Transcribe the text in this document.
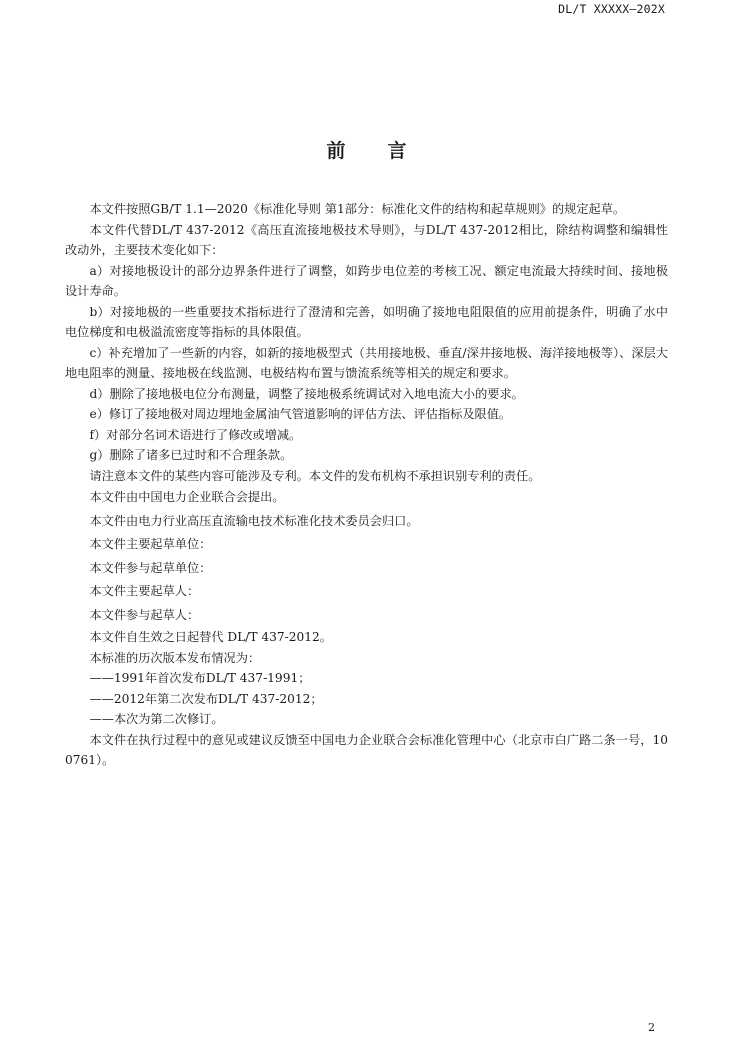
DL/T XXXXX—202X
前 言

本文件按照GB/T 1.1—2020《标准化导则 第1部分：标准化文件的结构和起草规则》的规定起草。

本文件代替DL/T 437-2012《高压直流接地极技术导则》，与DL/T 437-2012相比，除结构调整和编辑性改动外，主要技术变化如下：

a）对接地极设计的部分边界条件进行了调整，如跨步电位差的考核工况、额定电流最大持续时间、接地极设计寿命。

b）对接地极的一些重要技术指标进行了澄清和完善，如明确了接地电阻限值的应用前提条件，明确了水中电位梯度和电极溢流密度等指标的具体限值。

c）补充增加了一些新的内容，如新的接地极型式（共用接地极、垂直/深井接地极、海洋接地极等）、深层大地电阻率的测量、接地极在线监测、电极结构布置与馈流系统等相关的规定和要求。

d）删除了接地极电位分布测量，调整了接地极系统调试对入地电流大小的要求。

e）修订了接地极对周边埋地金属油气管道影响的评估方法、评估指标及限值。

f）对部分名词术语进行了修改或增减。

g）删除了诸多已过时和不合理条款。

请注意本文件的某些内容可能涉及专利。本文件的发布机构不承担识别专利的责任。

本文件由中国电力企业联合会提出。

本文件由电力行业高压直流输电技术标准化技术委员会归口。

本文件主要起草单位：

本文件参与起草单位：

本文件主要起草人：

本文件参与起草人：

本文件自生效之日起替代 DL/T 437-2012。

本标准的历次版本发布情况为：

——1991年首次发布DL/T 437-1991；

——2012年第二次发布DL/T 437-2012；

——本次为第二次修订。

本文件在执行过程中的意见或建议反馈至中国电力企业联合会标准化管理中心（北京市白广路二条一号，100761）。

2
